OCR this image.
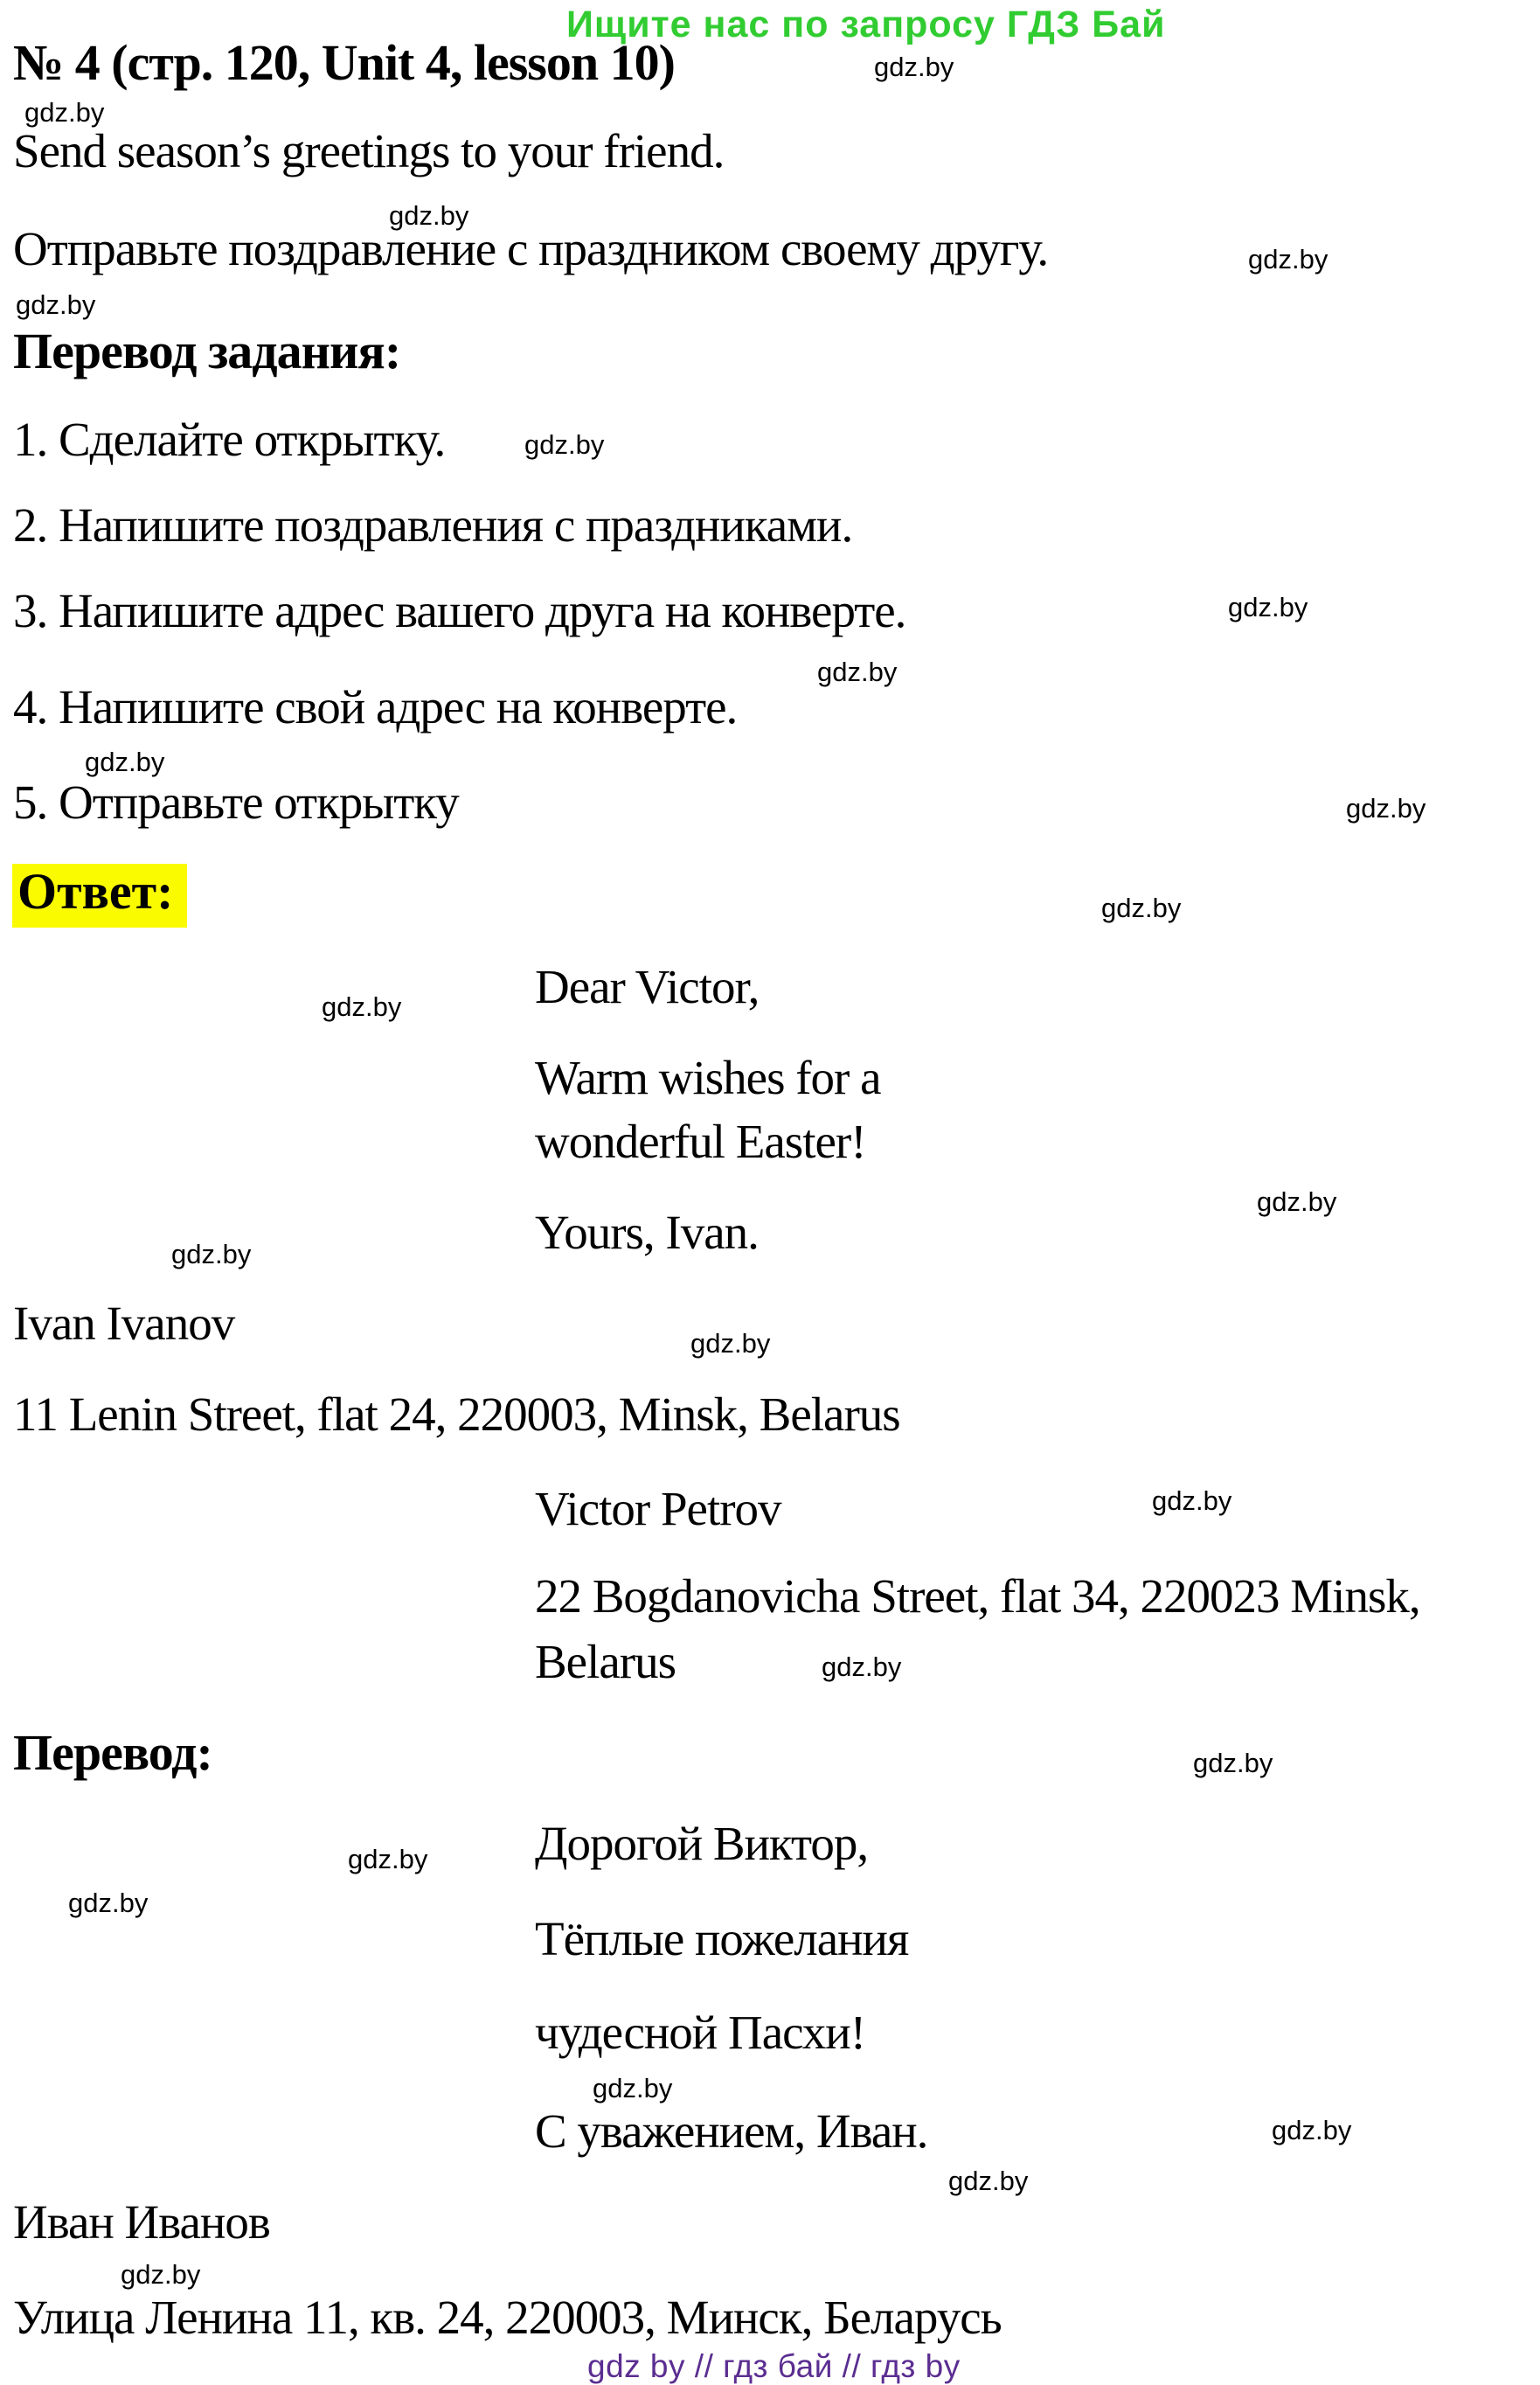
Ищите нас по запросу ГДЗ Бай
№ 4 (стр. 120, Unit 4, lesson 10)	gdz.by
gdz.by
Send season’s greetings to your friend.
gdz.by
Отправьте поздравление с праздником своему другу.	gdz.by
gdz.by
Перевод задания:
1. Сделайте открытку.	gdz.by
2. Напишите поздравления с праздниками.
3. Напишите адрес вашего друга на конверте.	gdz.by
gdz.by
4. Напишите свой адрес на конверте.
gdz.by
5. Отправьте открытку	gdz.by
Ответ:	gdz.by
Dear Victor,
gdz.by
Warm wishes for a
wonderful Easter!
gdz.by
Yours, Ivan.
gdz.by
Ivan Ivanov	gdz.by
11 Lenin Street, flat 24, 220003, Minsk, Belarus
Victor Petrov	gdz.by
22 Bogdanovicha Street, flat 34, 220023 Minsk,
Belarus	gdz.by
Перевод:	gdz.by
Дорогой Виктор,
gdz.by
gdz.by
Тёплые пожелания
чудесной Пасхи!
gdz.by
С уважением, Иван.	gdz.by
gdz.by
Иван Иванов
gdz.by
Улица Ленина 11, кв. 24, 220003, Минск, Беларусь
gdz by // гдз бай // гдз by
